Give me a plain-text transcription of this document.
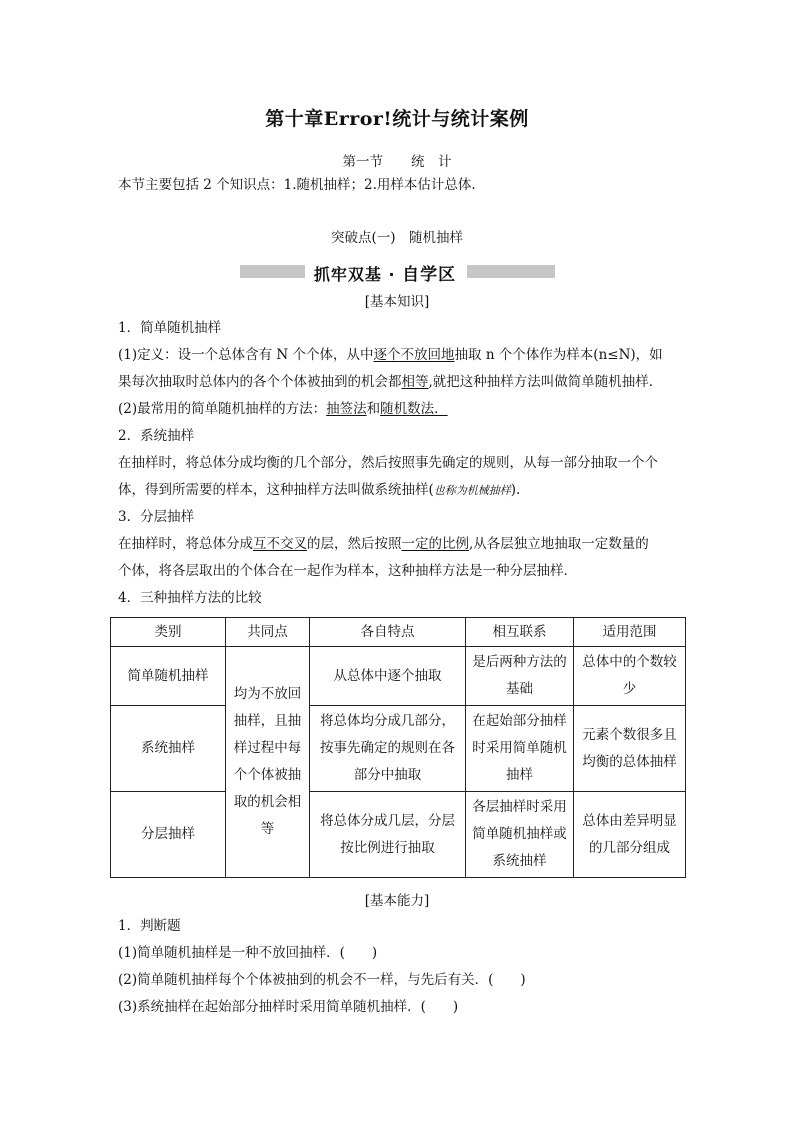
第十章Error!统计与统计案例
第一节 统　计
本节主要包括 2 个知识点：1.随机抽样；2.用样本估计总体.
突破点(一)　随机抽样
抓牢双基 · 自学区
[基本知识]
1．简单随机抽样
(1)定义：设一个总体含有 N 个个体，从中逐个不放回地抽取 n 个个体作为样本(n≤N)，如
果每次抽取时总体内的各个个体被抽到的机会都相等,就把这种抽样方法叫做简单随机抽样．
(2)最常用的简单随机抽样的方法：抽签法和随机数法．
2．系统抽样
在抽样时，将总体分成均衡的几个部分，然后按照事先确定的规则，从每一部分抽取一个个
体，得到所需要的样本，这种抽样方法叫做系统抽样(也称为机械抽样)．
3．分层抽样
在抽样时，将总体分成互不交叉的层，然后按照一定的比例,从各层独立地抽取一定数量的
个体，将各层取出的个体合在一起作为样本，这种抽样方法是一种分层抽样．
4．三种抽样方法的比较
类别	共同点	各自特点	相互联系	适用范围
简单随机抽样	均为不放回抽样，且抽样过程中每个个体被抽取的机会相等	从总体中逐个抽取	是后两种方法的基础	总体中的个数较少
系统抽样		将总体均分成几部分，按事先确定的规则在各部分中抽取	在起始部分抽样时采用简单随机抽样	元素个数很多且均衡的总体抽样
分层抽样		将总体分成几层，分层按比例进行抽取	各层抽样时采用简单随机抽样或系统抽样	总体由差异明显的几部分组成
[基本能力]
1．判断题
(1)简单随机抽样是一种不放回抽样．(　　)
(2)简单随机抽样每个个体被抽到的机会不一样，与先后有关．(　　)
(3)系统抽样在起始部分抽样时采用简单随机抽样．(　　)
